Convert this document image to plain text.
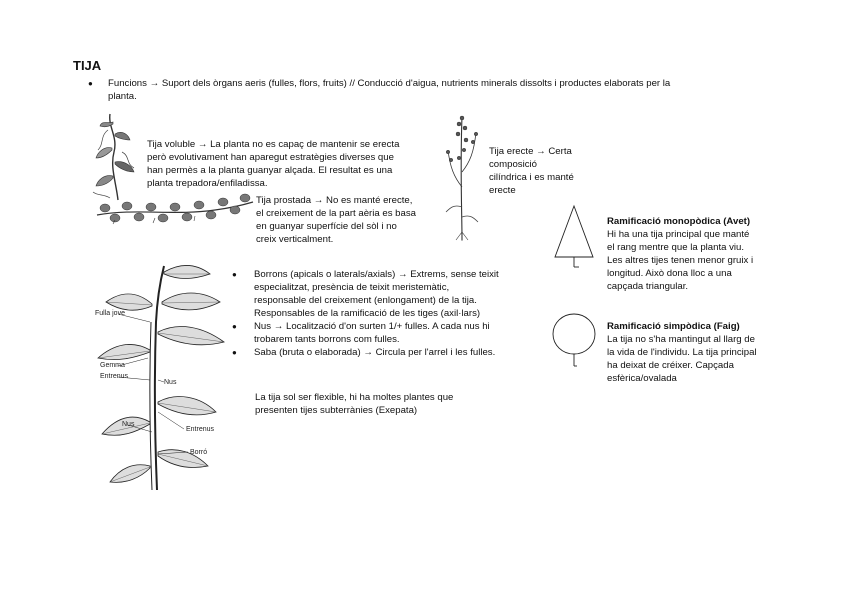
TIJA
● Funcions → Suport dels òrgans aeris (fulles, flors, fruits) // Conducció d'aigua, nutrients minerals dissolts i productes elaborats per la
planta.
Tija voluble → La planta no es capaç de mantenir se erecta
però evolutivament han aparegut estratègies diverses que
han permès a la planta guanyar alçada. El resultat es una
planta trepadora/enfiladissa.
Tija prostada → No es manté erecte,
el creixement de la part aèria es basa
en guanyar superfície del sòl i no
creix verticalment.
Tija erecte → Certa
composició
cilíndrica i es manté
erecte
Fulla jove
Gemma
Entrenus
Nus
Nus
Entrenus
Borró
● Borrons (apicals o laterals/axials) → Extrems, sense teixit
especialitzat, presència de teixit meristemàtic,
responsable del creixement (enlongament) de la tija.
Responsables de la ramificació de les tiges (axil·lars)
● Nus → Localització d'on surten 1/+ fulles. A cada nus hi
trobarem tants borrons com fulles.
● Saba (bruta o elaborada) → Circula per l'arrel i les fulles.
La tija sol ser flexible, hi ha moltes plantes que
presenten tijes subterrànies (Exepata)
Ramificació monopòdica (Avet)
Hi ha una tija principal que manté
el rang mentre que la planta viu.
Les altres tijes tenen menor gruix i
longitud. Això dona lloc a una
capçada triangular.
Ramificació simpòdica (Faig)
La tija no s'ha mantingut al llarg de
la vida de l'individu. La tija principal
ha deixat de créixer. Capçada
esfèrica/ovalada
